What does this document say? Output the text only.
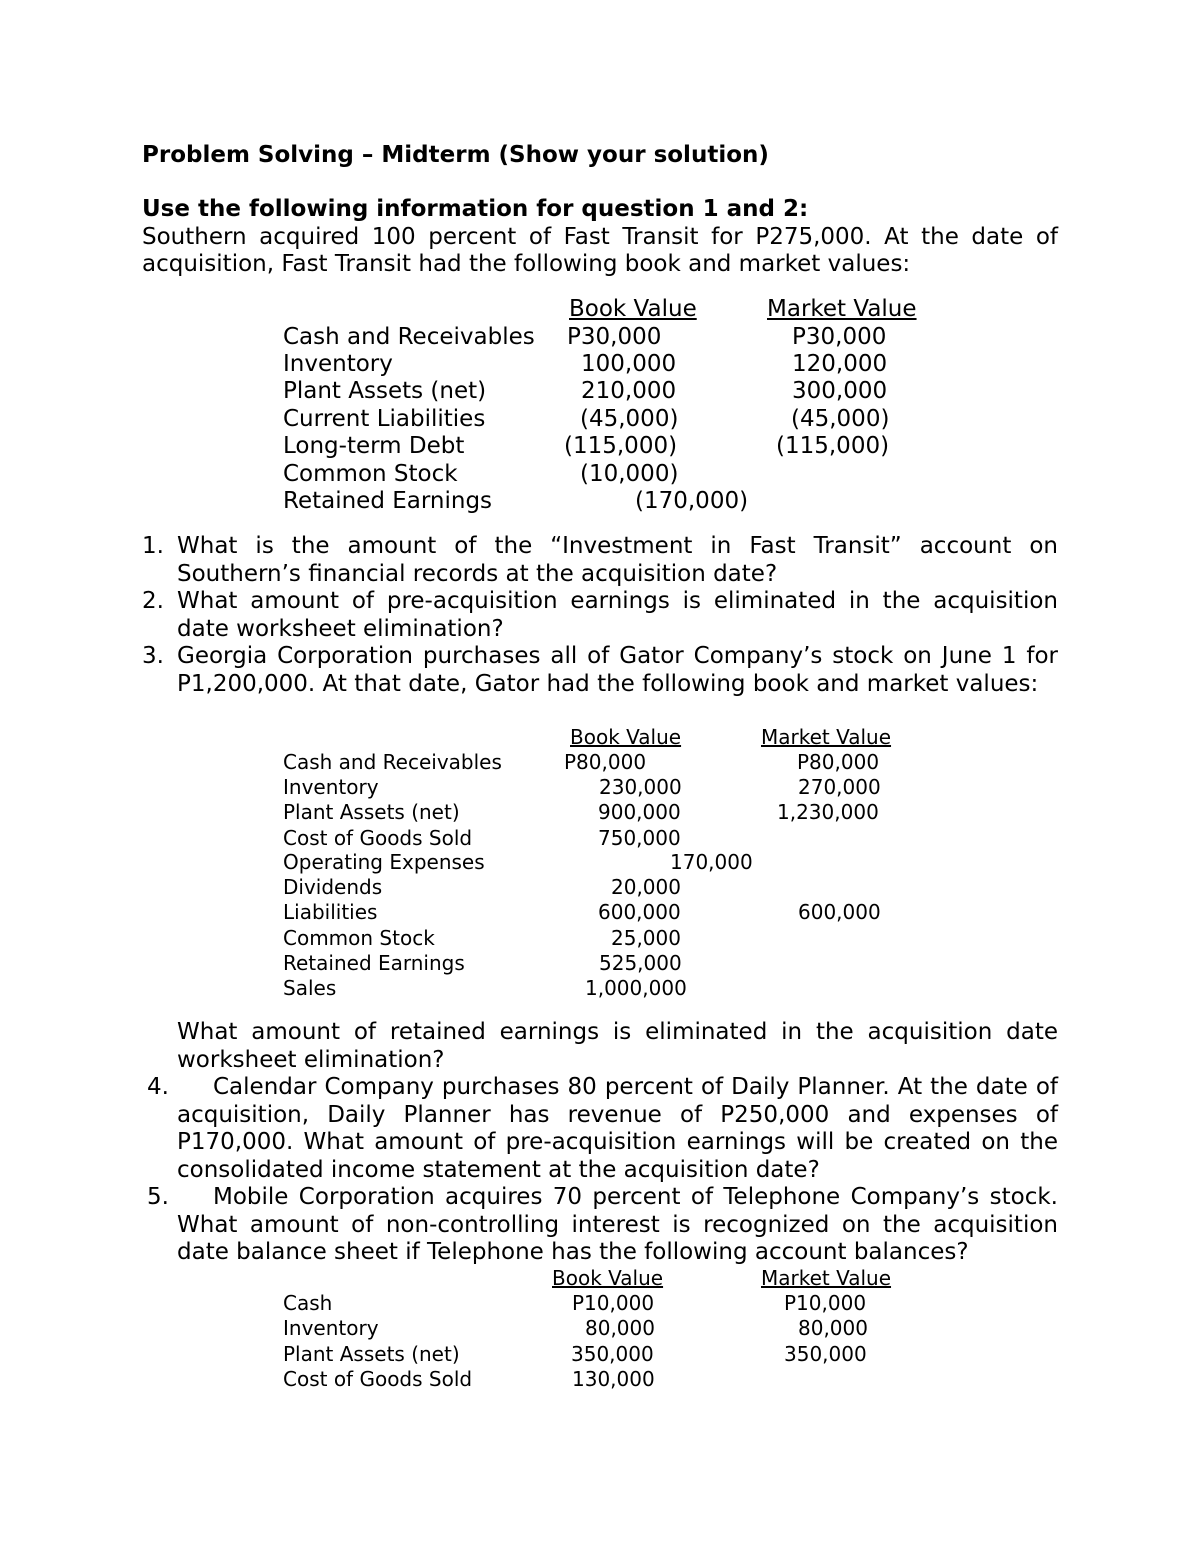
Problem Solving – Midterm (Show your solution)
Use the following information for question 1 and 2:
Southern acquired 100 percent of Fast Transit for P275,000. At the date of
acquisition, Fast Transit had the following book and market values:
Book Value	Market Value
Cash and Receivables P30,000	P30,000
Inventory	100,000	120,000
Plant Assets (net)	210,000	300,000
Current Liabilities	(45,000)	(45,000)
Long-term Debt	(115,000)	(115,000)
Common Stock	(10,000)
Retained Earnings	(170,000)
1. What is the amount of the “Investment in Fast Transit” account on Southern’s financial records at the acquisition date?
2. What amount of pre-acquisition earnings is eliminated in the acquisition date worksheet elimination?
3. Georgia Corporation purchases all of Gator Company’s stock on June 1 for P1,200,000. At that date, Gator had the following book and market values:
Book Value	Market Value
Cash and Receivables	P80,000	P80,000
Inventory	230,000	270,000
Plant Assets (net)	900,000	1,230,000
Cost of Goods Sold	750,000
Operating Expenses	170,000
Dividends	20,000
Liabilities	600,000	600,000
Common Stock	25,000
Retained Earnings	525,000
Sales	1,000,000
What amount of retained earnings is eliminated in the acquisition date worksheet elimination?
4.	Calendar Company purchases 80 percent of Daily Planner. At the date of acquisition, Daily Planner has revenue of P250,000 and expenses of P170,000. What amount of pre-acquisition earnings will be created on the consolidated income statement at the acquisition date?
5.	Mobile Corporation acquires 70 percent of Telephone Company’s stock. What amount of non-controlling interest is recognized on the acquisition date balance sheet if Telephone has the following account balances?
Book Value	Market Value
Cash	P10,000	P10,000
Inventory	80,000	80,000
Plant Assets (net)	350,000	350,000
Cost of Goods Sold	130,000
